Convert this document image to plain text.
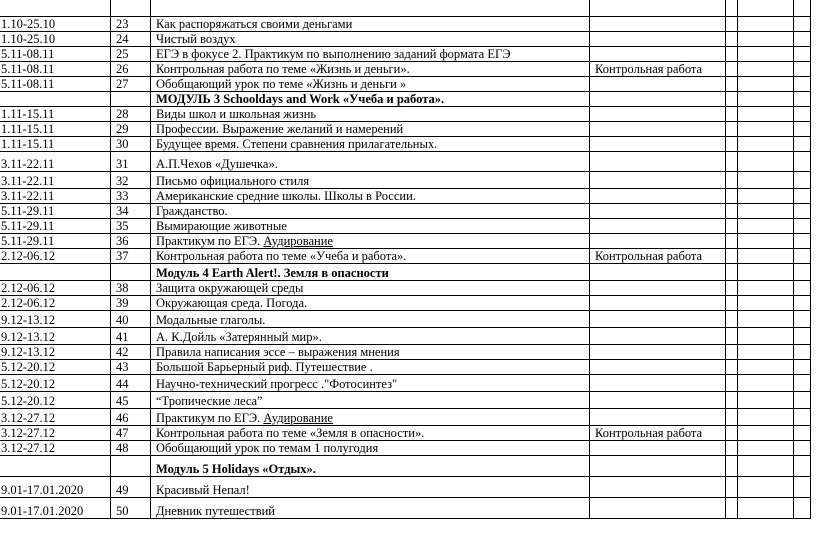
1.10-25.10	23	Как распоряжаться своими деньгами				
1.10-25.10	24	Чистый воздух				
5.11-08.11	25	ЕГЭ в фокусе 2. Практикум по выполнению заданий формата ЕГЭ				
5.11-08.11	26	Контрольная работа по теме «Жизнь и деньги».	Контрольная работа			
5.11-08.11	27	Обобщающий урок по теме «Жизнь и деньги »				
		МОДУЛЬ 3 Schooldays and Work «Учеба и работа».				
1.11-15.11	28	Виды школ и школьная жизнь				
1.11-15.11	29	Профессии. Выражение желаний и намерений				
1.11-15.11	30	Будущее время. Степени сравнения прилагательных.				
3.11-22.11	31	А.П.Чехов «Душечка».				
3.11-22.11	32	Письмо официального стиля				
3.11-22.11	33	Американские средние школы. Школы в России.				
5.11-29.11	34	Гражданство.				
5.11-29.11	35	Вымирающие животные				
5.11-29.11	36	Практикум по ЕГЭ. Аудирование				
2.12-06.12	37	Контрольная работа по теме «Учеба и работа».	Контрольная работа			
		Модуль 4 Earth Alert!. Земля в опасности				
2.12-06.12	38	Защита окружающей среды				
2.12-06.12	39	Окружающая среда. Погода.				
9.12-13.12	40	Модальные глаголы.				
9.12-13.12	41	А. К.Дойль «Затерянный мир».				
9.12-13.12	42	Правила написания эссе – выражения мнения				
5.12-20.12	43	Большой Барьерный риф. Путешествие .				
5.12-20.12	44	Научно-технический прогресс ."Фотосинтез"				
5.12-20.12	45	“Тропические леса”				
3.12-27.12	46	Практикум по ЕГЭ. Аудирование				
3.12-27.12	47	Контрольная работа по теме «Земля в опасности».	Контрольная работа			
3.12-27.12	48	Обобщающий урок по темам 1 полугодия				
		Модуль 5 Holidays «Отдых».				
9.01-17.01.2020	49	Красивый Непал!				
9.01-17.01.2020	50	Дневник путешествий				
